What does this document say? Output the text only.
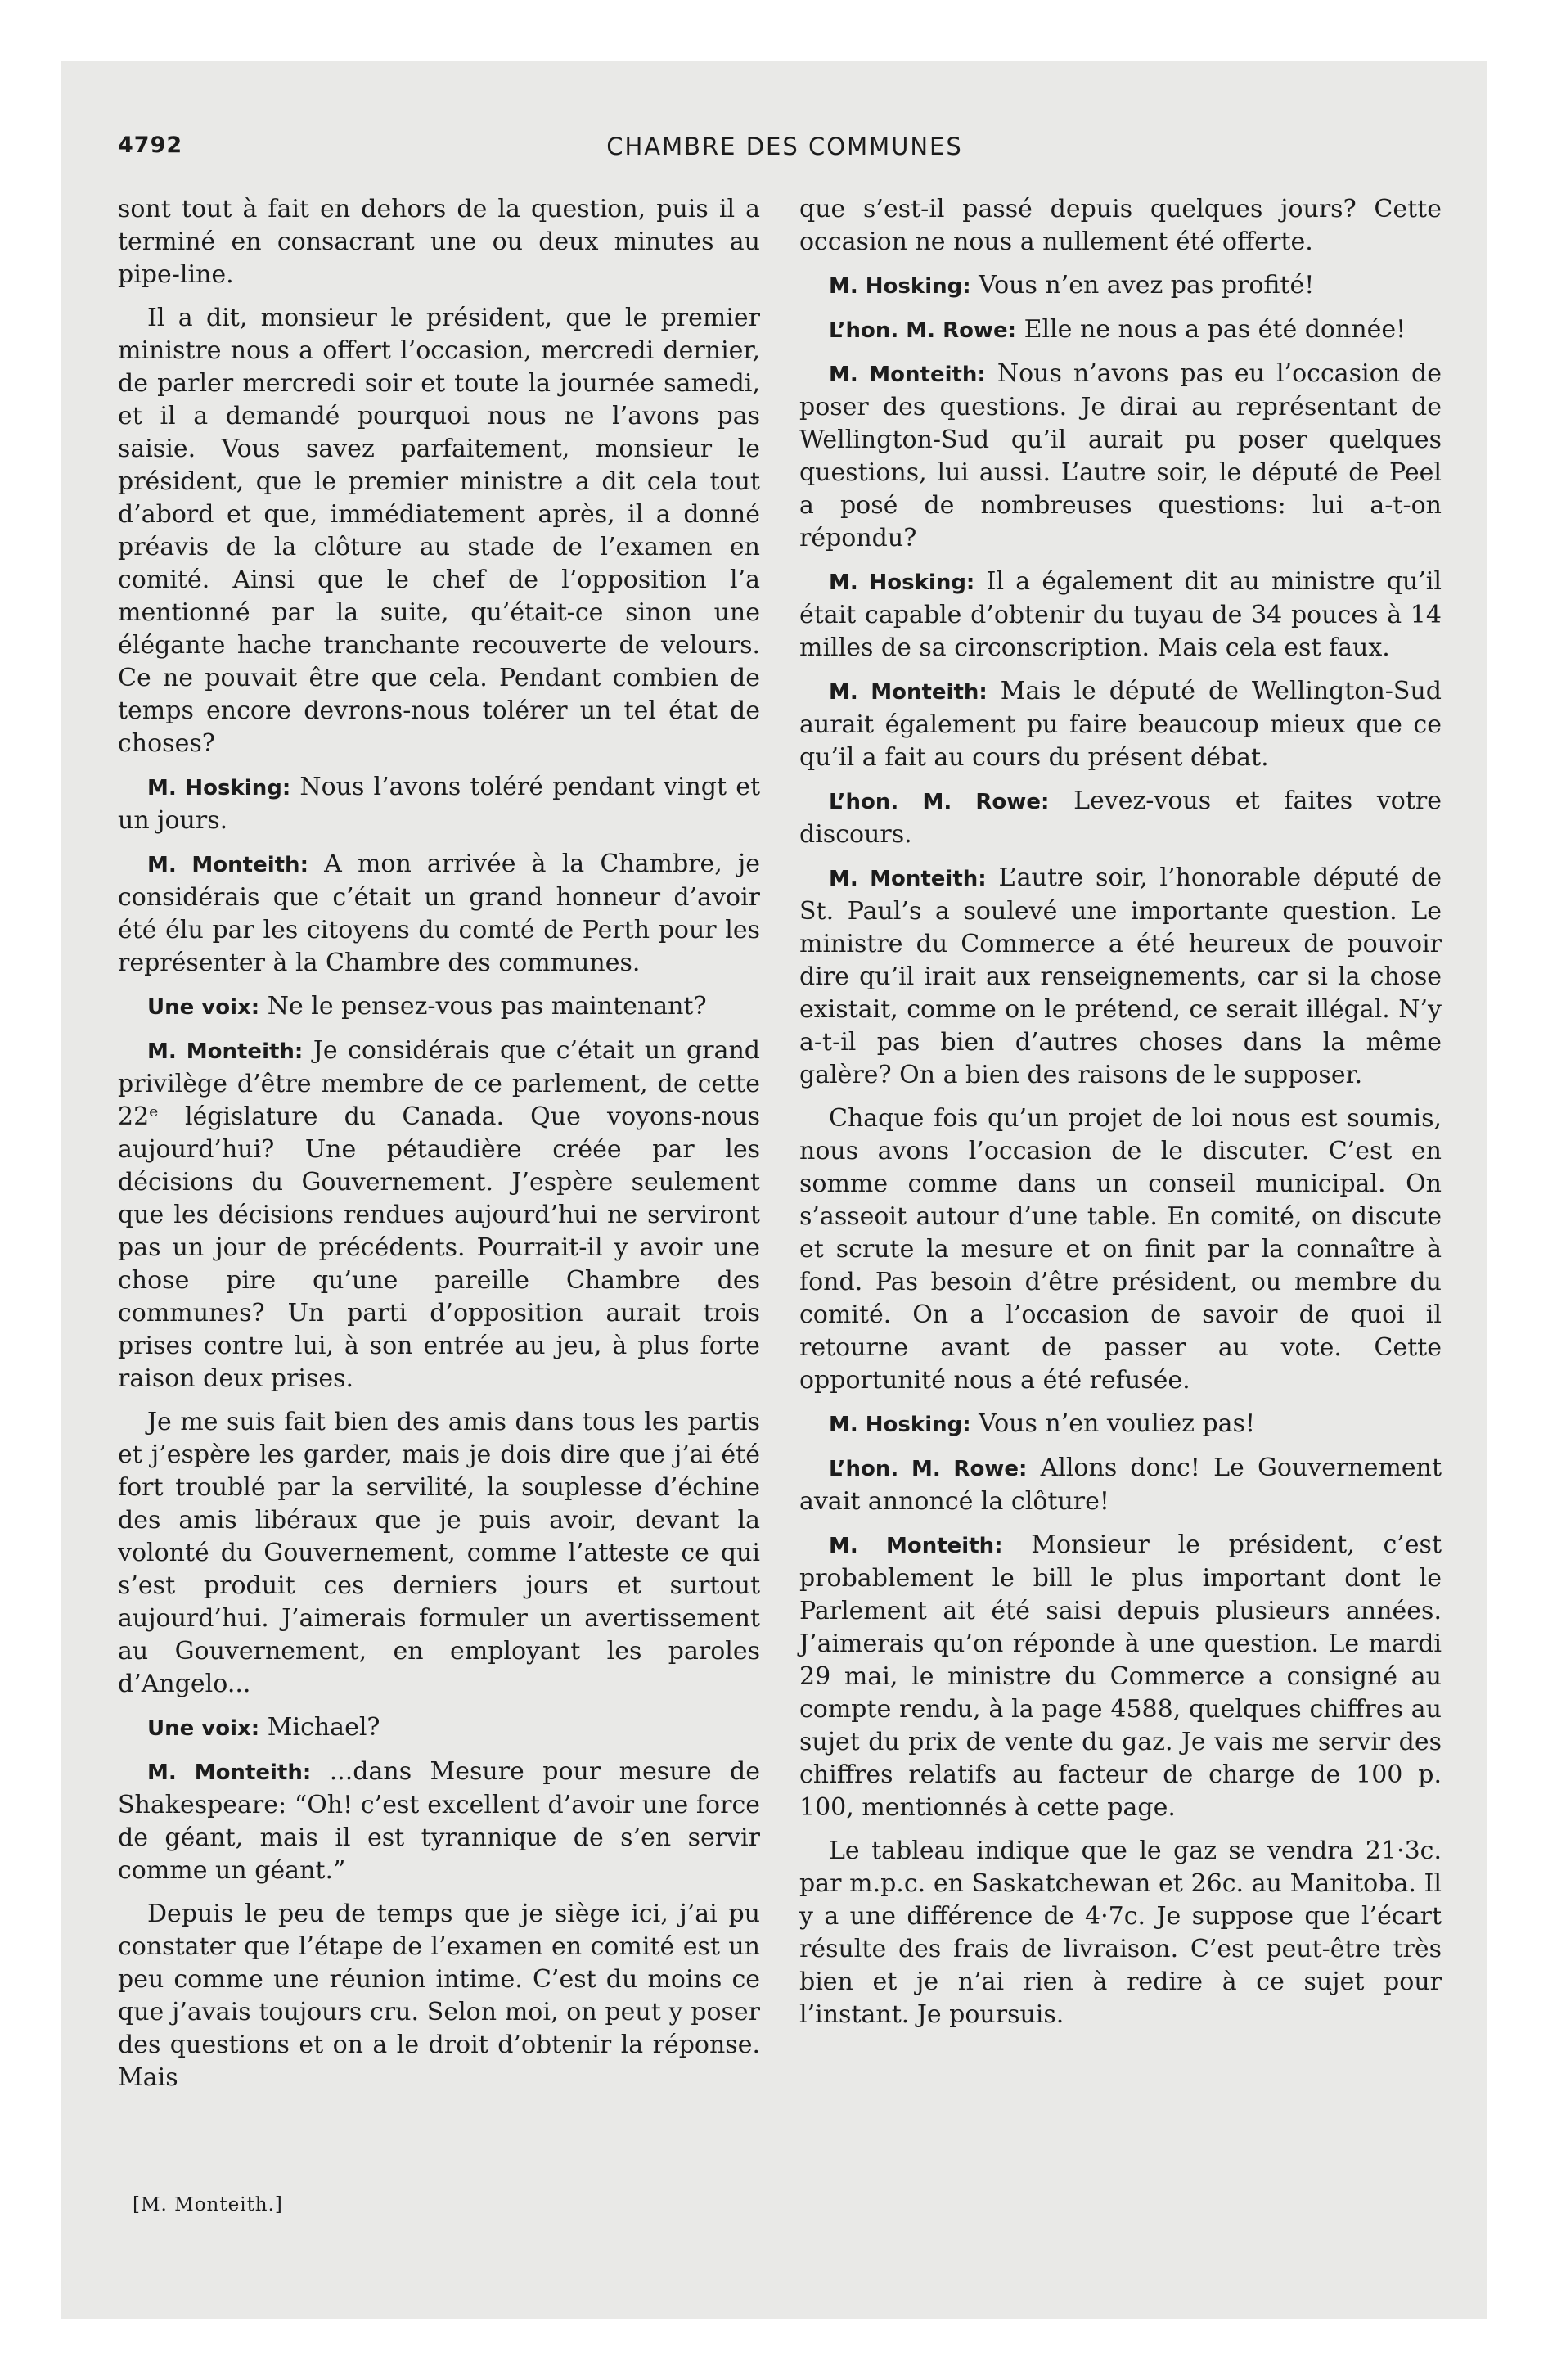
CHAMBRE DES COMMUNES
4792

sont tout à fait en dehors de la question, puis il a terminé en consacrant une ou deux minutes au pipe-line.

Il a dit, monsieur le président, que le premier ministre nous a offert l’occasion, mercredi dernier, de parler mercredi soir et toute la journée samedi, et il a demandé pourquoi nous ne l’avons pas saisie. Vous savez parfaitement, monsieur le président, que le premier ministre a dit cela tout d’abord et que, immédiatement après, il a donné préavis de la clôture au stade de l’examen en comité. Ainsi que le chef de l’opposition l’a mentionné par la suite, qu’était-ce sinon une élégante hache tranchante recouverte de velours. Ce ne pouvait être que cela. Pendant combien de temps encore devrons-nous tolérer un tel état de choses?

M. Hosking: Nous l’avons toléré pendant vingt et un jours.

M. Monteith: A mon arrivée à la Chambre, je considérais que c’était un grand honneur d’avoir été élu par les citoyens du comté de Perth pour les représenter à la Chambre des communes.

Une voix: Ne le pensez-vous pas maintenant?

M. Monteith: Je considérais que c’était un grand privilège d’être membre de ce parlement, de cette 22ᵉ législature du Canada. Que voyons-nous aujourd’hui? Une pétaudière créée par les décisions du Gouvernement. J’espère seulement que les décisions rendues aujourd’hui ne serviront pas un jour de précédents. Pourrait-il y avoir une chose pire qu’une pareille Chambre des communes? Un parti d’opposition aurait trois prises contre lui, à son entrée au jeu, à plus forte raison deux prises.

Je me suis fait bien des amis dans tous les partis et j’espère les garder, mais je dois dire que j’ai été fort troublé par la servilité, la souplesse d’échine des amis libéraux que je puis avoir, devant la volonté du Gouvernement, comme l’atteste ce qui s’est produit ces derniers jours et surtout aujourd’hui. J’aimerais formuler un avertissement au Gouvernement, en employant les paroles d’Angelo...

Une voix: Michael?

M. Monteith: ...dans Mesure pour mesure de Shakespeare: “Oh! c’est excellent d’avoir une force de géant, mais il est tyrannique de s’en servir comme un géant.”

Depuis le peu de temps que je siège ici, j’ai pu constater que l’étape de l’examen en comité est un peu comme une réunion intime. C’est du moins ce que j’avais toujours cru. Selon moi, on peut y poser des questions et on a le droit d’obtenir la réponse. Mais

que s’est-il passé depuis quelques jours? Cette occasion ne nous a nullement été offerte.

M. Hosking: Vous n’en avez pas profité!

L’hon. M. Rowe: Elle ne nous a pas été donnée!

M. Monteith: Nous n’avons pas eu l’occasion de poser des questions. Je dirai au représentant de Wellington-Sud qu’il aurait pu poser quelques questions, lui aussi. L’autre soir, le député de Peel a posé de nombreuses questions: lui a-t-on répondu?

M. Hosking: Il a également dit au ministre qu’il était capable d’obtenir du tuyau de 34 pouces à 14 milles de sa circonscription. Mais cela est faux.

M. Monteith: Mais le député de Wellington-Sud aurait également pu faire beaucoup mieux que ce qu’il a fait au cours du présent débat.

L’hon. M. Rowe: Levez-vous et faites votre discours.

M. Monteith: L’autre soir, l’honorable député de St. Paul’s a soulevé une importante question. Le ministre du Commerce a été heureux de pouvoir dire qu’il irait aux renseignements, car si la chose existait, comme on le prétend, ce serait illégal. N’y a-t-il pas bien d’autres choses dans la même galère? On a bien des raisons de le supposer.

Chaque fois qu’un projet de loi nous est soumis, nous avons l’occasion de le discuter. C’est en somme comme dans un conseil municipal. On s’asseoit autour d’une table. En comité, on discute et scrute la mesure et on finit par la connaître à fond. Pas besoin d’être président, ou membre du comité. On a l’occasion de savoir de quoi il retourne avant de passer au vote. Cette opportunité nous a été refusée.

M. Hosking: Vous n’en vouliez pas!

L’hon. M. Rowe: Allons donc! Le Gouvernement avait annoncé la clôture!

M. Monteith: Monsieur le président, c’est probablement le bill le plus important dont le Parlement ait été saisi depuis plusieurs années. J’aimerais qu’on réponde à une question. Le mardi 29 mai, le ministre du Commerce a consigné au compte rendu, à la page 4588, quelques chiffres au sujet du prix de vente du gaz. Je vais me servir des chiffres relatifs au facteur de charge de 100 p. 100, mentionnés à cette page.

Le tableau indique que le gaz se vendra 21·3c. par m.p.c. en Saskatchewan et 26c. au Manitoba. Il y a une différence de 4·7c. Je suppose que l’écart résulte des frais de livraison. C’est peut-être très bien et je n’ai rien à redire à ce sujet pour l’instant. Je poursuis.

[M. Monteith.]
